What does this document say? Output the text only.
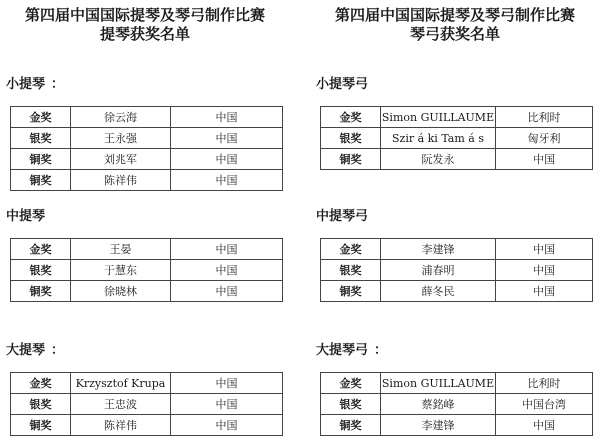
第四届中国国际提琴及琴弓制作比赛
提琴获奖名单
小提琴 ：
金奖	徐云海	中国
银奖	王永强	中国
铜奖	刘兆军	中国
铜奖	陈祥伟	中国
中提琴
金奖	王晏	中国
银奖	于慧东	中国
铜奖	徐晓林	中国
大提琴 ：
金奖	Krzysztof Krupa	中国
银奖	王忠波	中国
铜奖	陈祥伟	中国
第四届中国国际提琴及琴弓制作比赛
琴弓获奖名单
小提琴弓
金奖	Simon GUILLAUME	比利时
银奖	Szir á ki Tam á s	匈牙利
铜奖	阮发永	中国
中提琴弓
金奖	李建锋	中国
银奖	浦春明	中国
铜奖	薛冬民	中国
大提琴弓 ：
金奖	Simon GUILLAUME	比利时
银奖	蔡銘峰	中国台湾
铜奖	李建锋	中国
